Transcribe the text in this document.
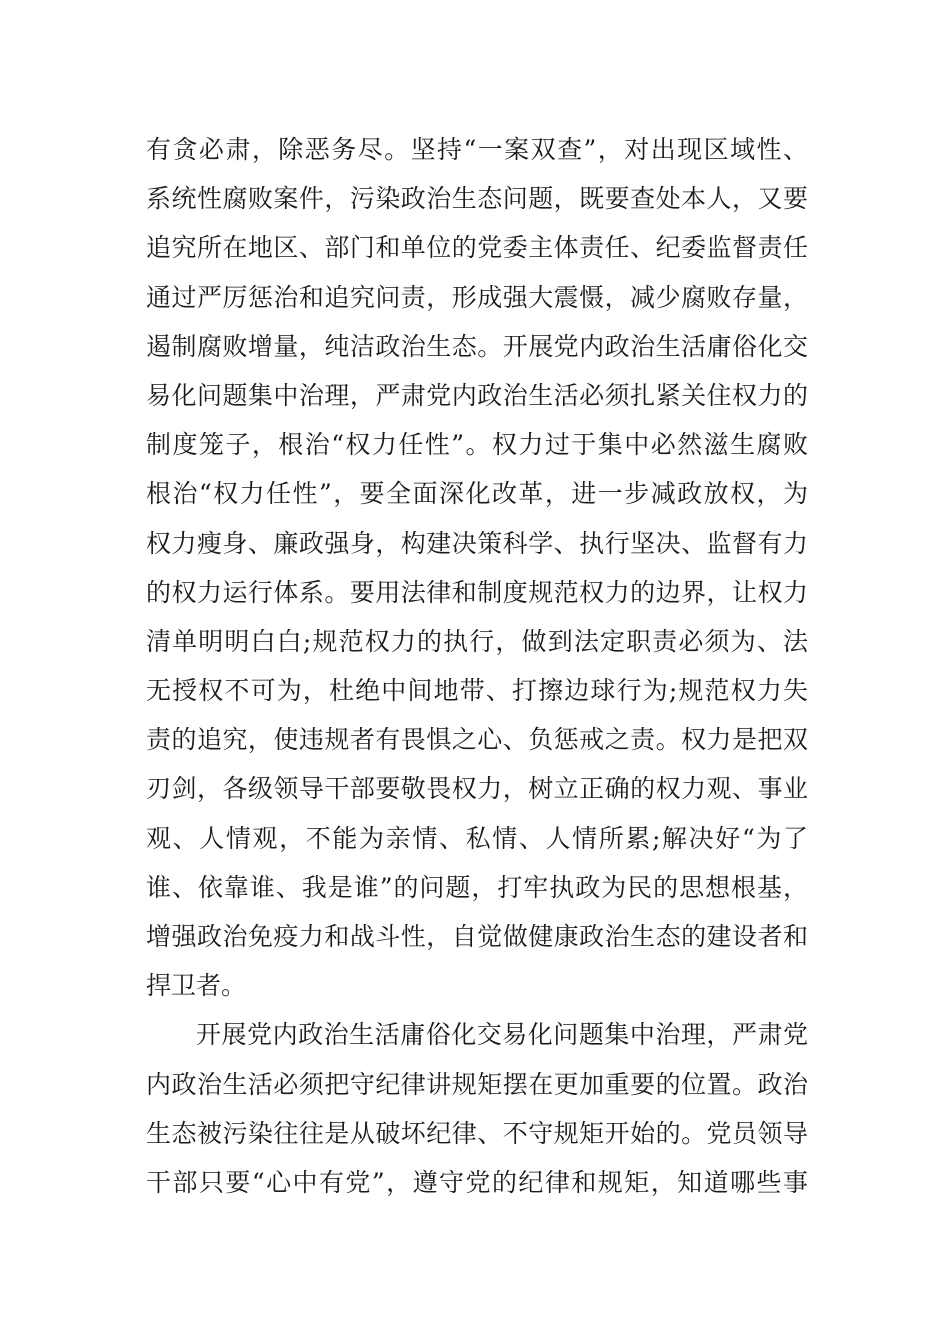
有贪必肃，除恶务尽。坚持“一案双查”，对出现区域性、
系统性腐败案件，污染政治生态问题，既要查处本人，又要
追究所在地区、部门和单位的党委主体责任、纪委监督责任
通过严厉惩治和追究问责，形成强大震慑，减少腐败存量，
遏制腐败增量，纯洁政治生态。开展党内政治生活庸俗化交
易化问题集中治理，严肃党内政治生活必须扎紧关住权力的
制度笼子，根治“权力任性”。权力过于集中必然滋生腐败
根治“权力任性”，要全面深化改革，进一步减政放权，为
权力瘦身、廉政强身，构建决策科学、执行坚决、监督有力
的权力运行体系。要用法律和制度规范权力的边界，让权力
清单明明白白;规范权力的执行，做到法定职责必须为、法
无授权不可为，杜绝中间地带、打擦边球行为;规范权力失
责的追究，使违规者有畏惧之心、负惩戒之责。权力是把双
刃剑，各级领导干部要敬畏权力，树立正确的权力观、事业
观、人情观，不能为亲情、私情、人情所累;解决好“为了
谁、依靠谁、我是谁”的问题，打牢执政为民的思想根基，
增强政治免疫力和战斗性，自觉做健康政治生态的建设者和
捍卫者。
开展党内政治生活庸俗化交易化问题集中治理，严肃党
内政治生活必须把守纪律讲规矩摆在更加重要的位置。政治
生态被污染往往是从破坏纪律、不守规矩开始的。党员领导
干部只要“心中有党”，遵守党的纪律和规矩，知道哪些事
